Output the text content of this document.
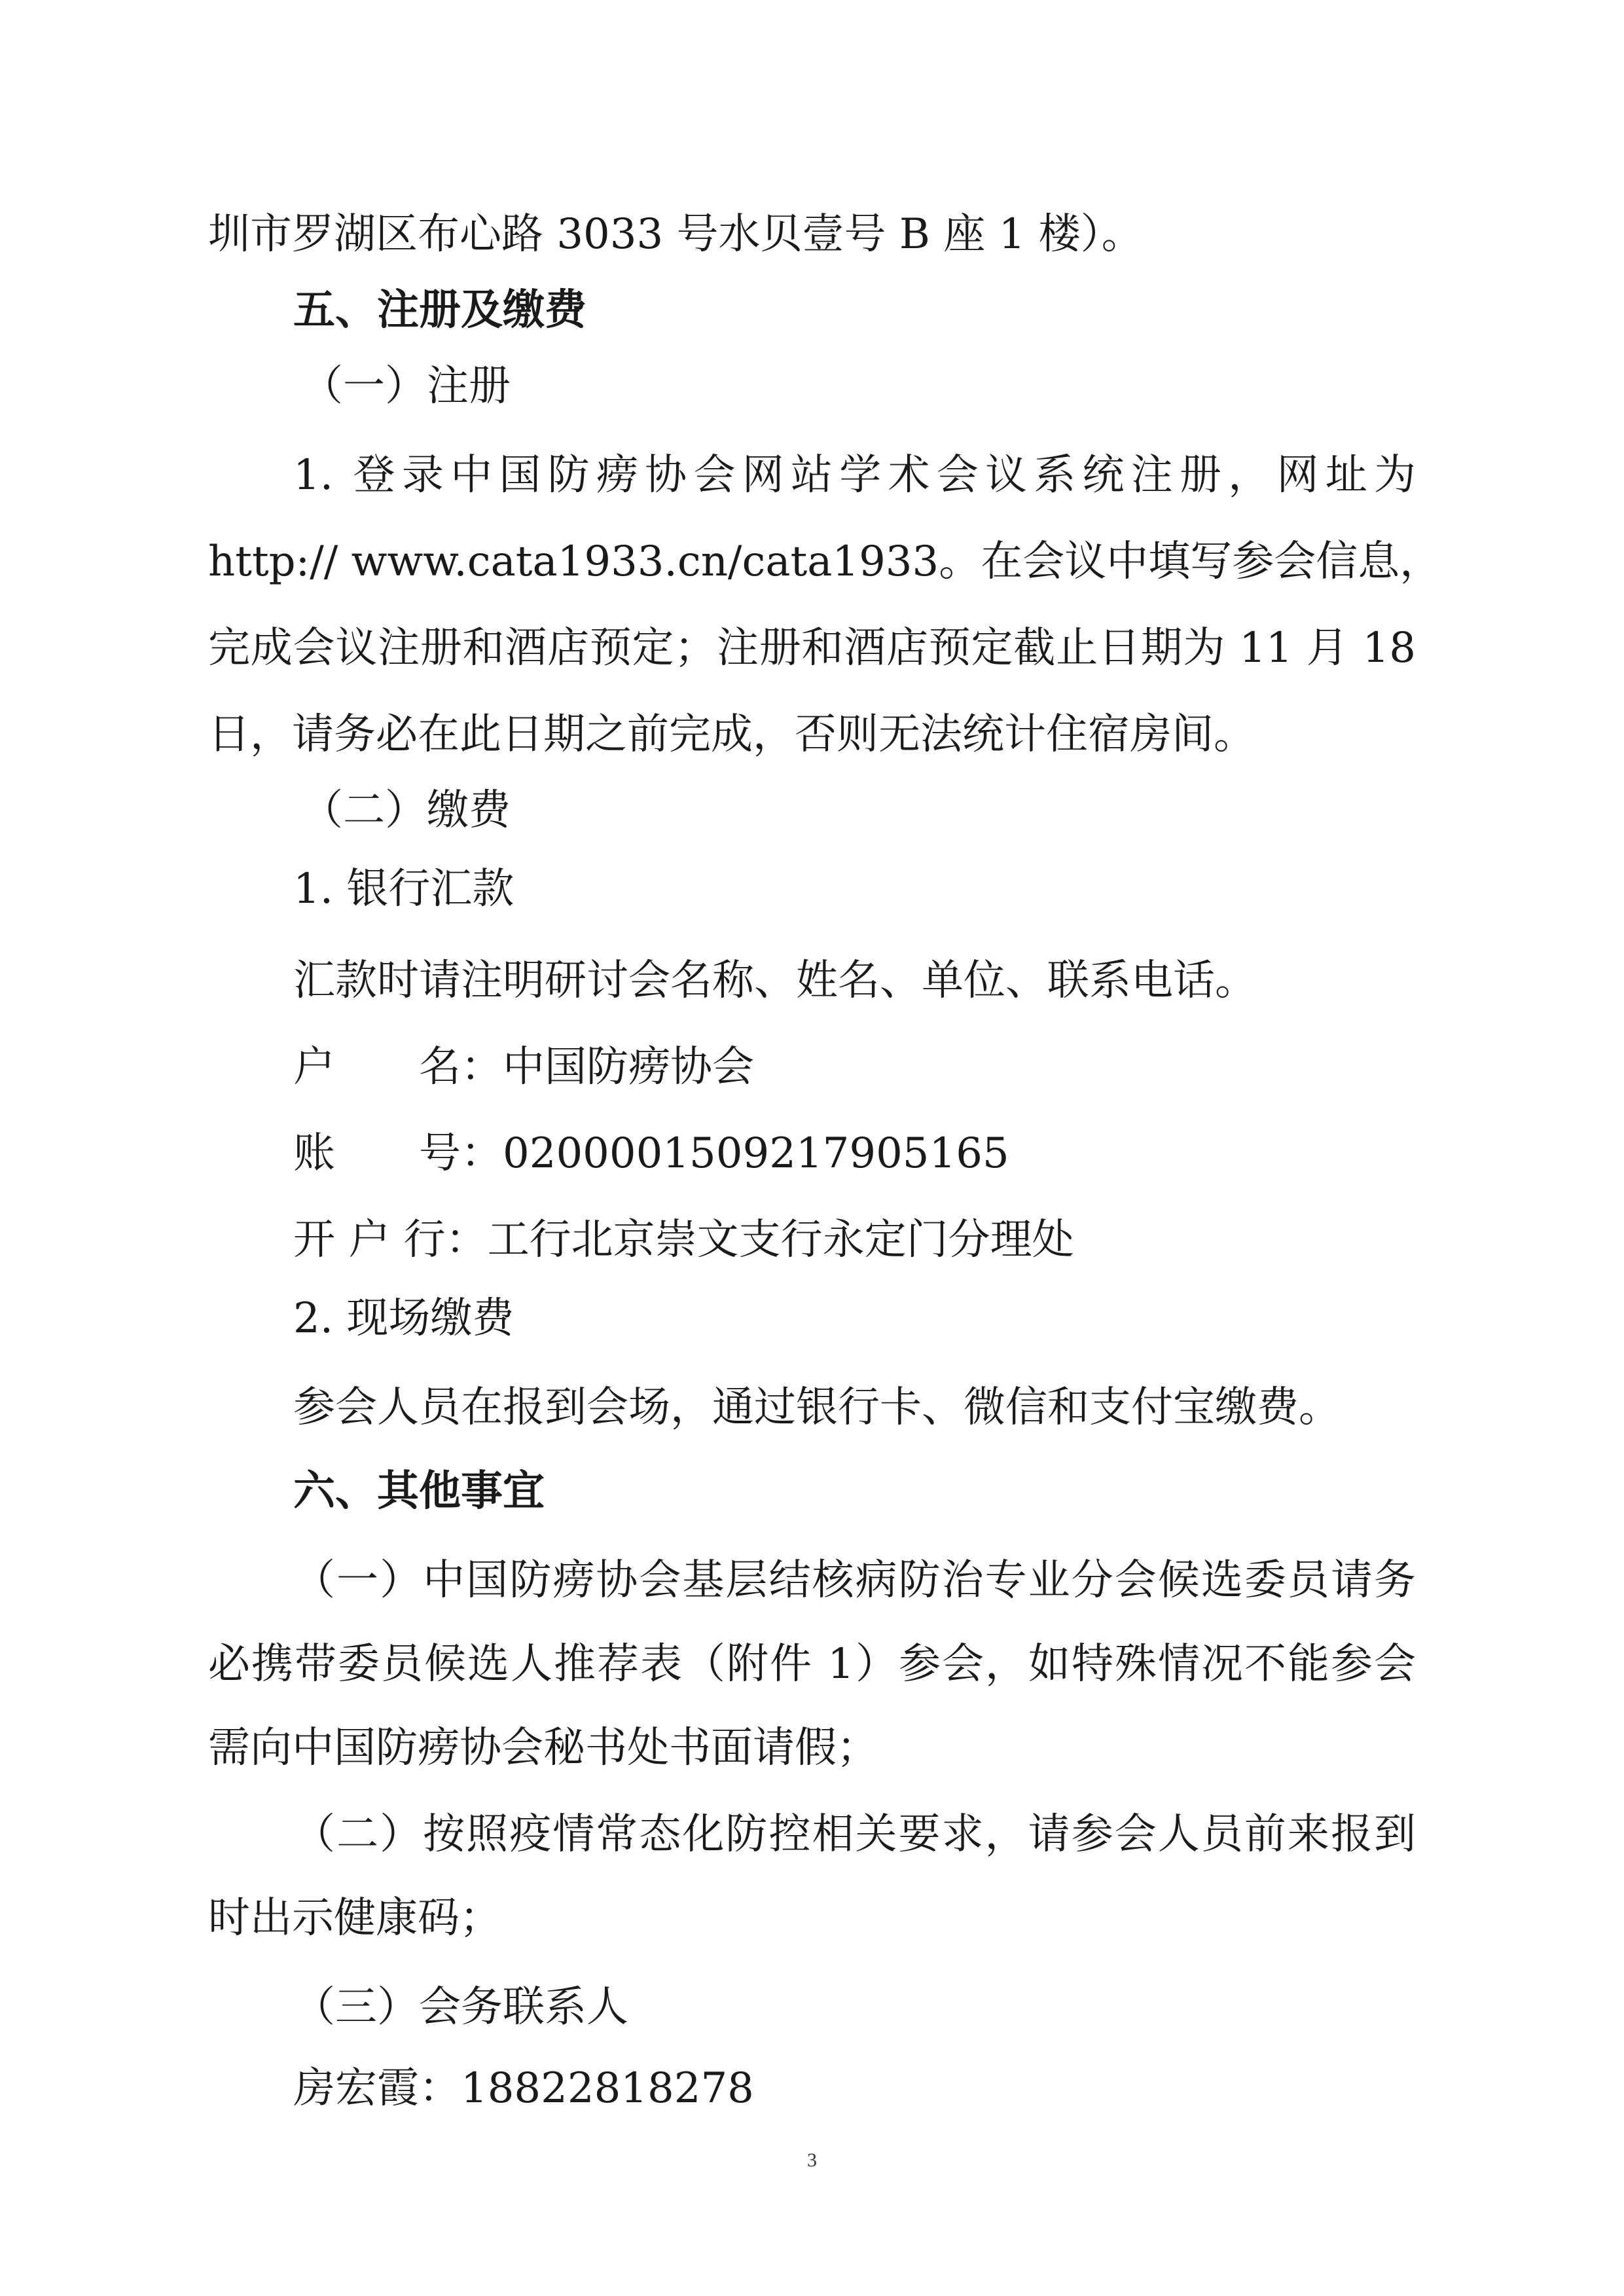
圳市罗湖区布心路 3033 号水贝壹号 B 座 1 楼）。
五、注册及缴费
（一）注册
1. 登录中国防痨协会网站学术会议系统注册，网址为
http:// www.cata1933.cn/cata1933。在会议中填写参会信息，
完成会议注册和酒店预定；注册和酒店预定截止日期为 11 月 18
日，请务必在此日期之前完成，否则无法统计住宿房间。
（二）缴费
1. 银行汇款
汇款时请注明研讨会名称、姓名、单位、联系电话。
户　　名：中国防痨协会
账　　号：0200001509217905165
开 户 行：工行北京崇文支行永定门分理处
2. 现场缴费
参会人员在报到会场，通过银行卡、微信和支付宝缴费。
六、其他事宜
（一）中国防痨协会基层结核病防治专业分会候选委员请务
必携带委员候选人推荐表（附件 1）参会，如特殊情况不能参会
需向中国防痨协会秘书处书面请假；
（二）按照疫情常态化防控相关要求，请参会人员前来报到
时出示健康码；
（三）会务联系人
房宏霞：18822818278
3
